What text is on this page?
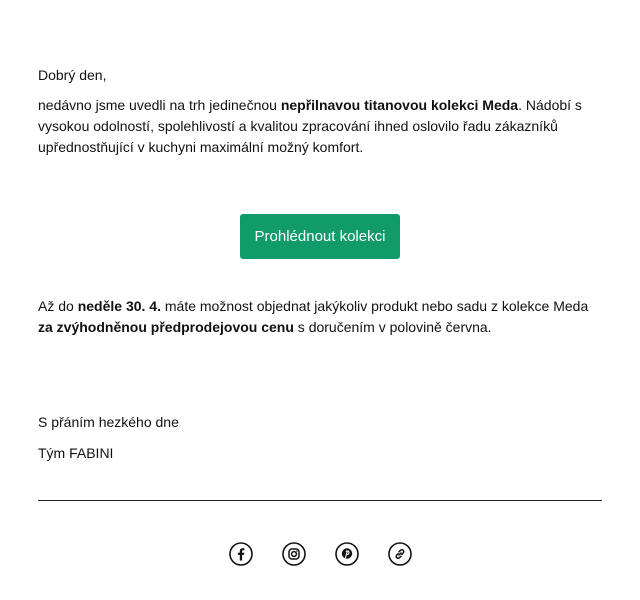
Dobrý den,

nedávno jsme uvedli na trh jedinečnou nepřilnavou titanovou kolekci Meda. Nádobí s vysokou odolností, spolehlivostí a kvalitou zpracování ihned oslovilo řadu zákazníků upřednostňující v kuchyni maximální možný komfort.

Prohlédnout kolekci

Až do neděle 30. 4. máte možnost objednat jakýkoliv produkt nebo sadu z kolekce Meda za zvýhodněnou předprodejovou cenu s doručením v polovině června.

S přáním hezkého dne

Tým FABINI
